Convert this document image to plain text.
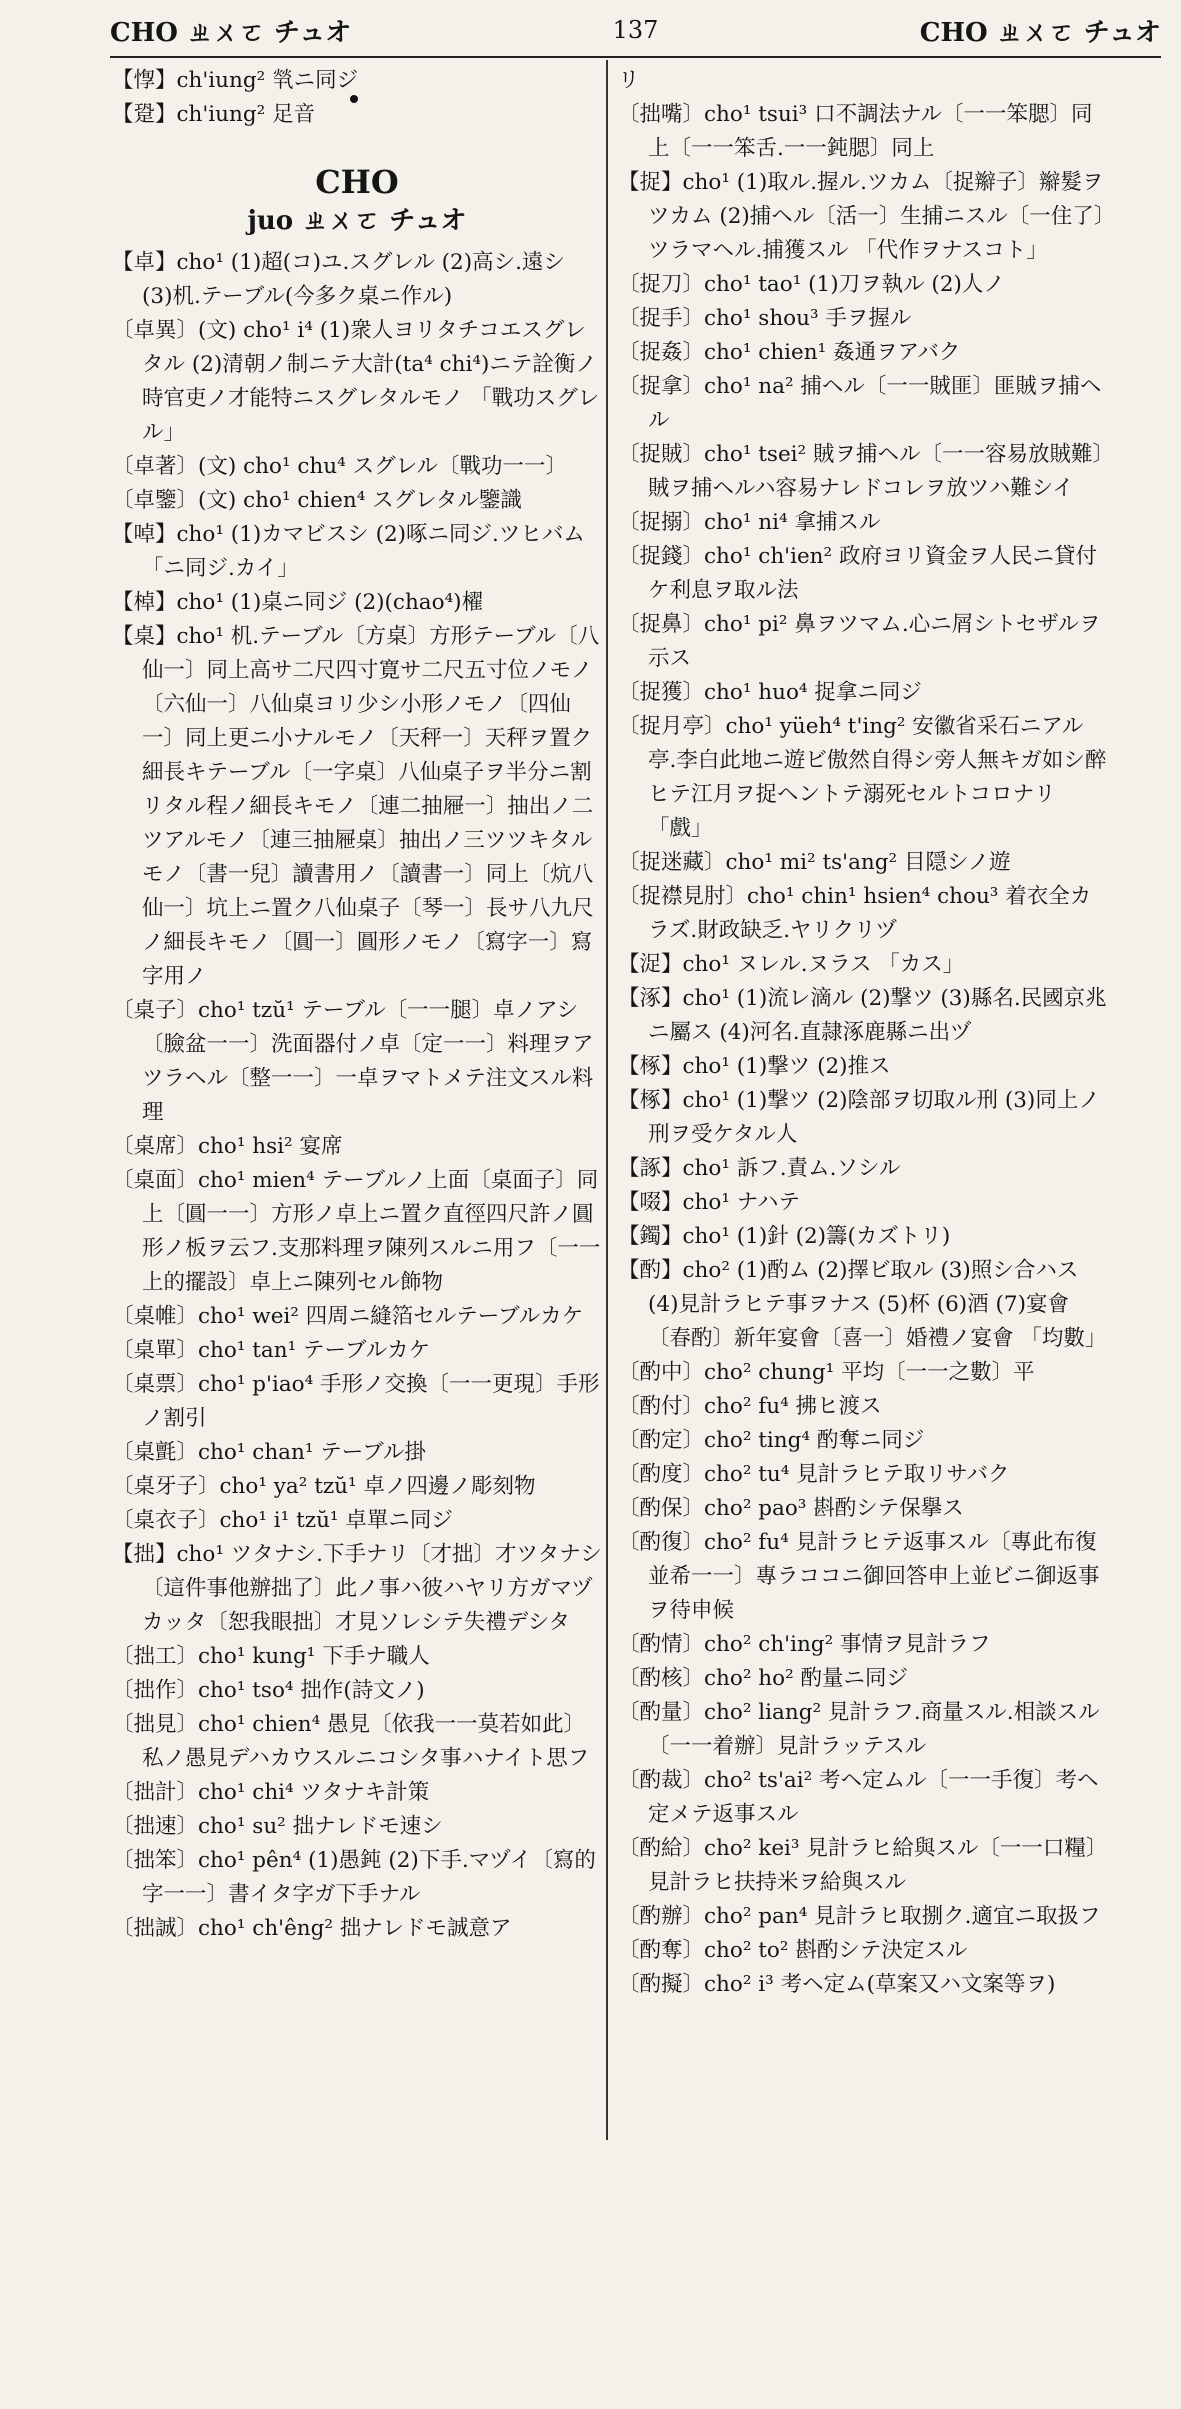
CHO ㄓㄨㄛ チュオ	137	CHO ㄓㄨㄛ チュオ

【惸】ch'iung² 㷀ニ同ジ

【跫】ch'iung² 足音

CHO
juo ㄓㄨㄛ チュオ

【卓】cho¹ (1)超(コ)ユ.スグレル (2)高シ.遠シ (3)机.テーブル(今多ク桌ニ作ル)

〔卓異〕(文) cho¹ i⁴ (1)衆人ヨリタチコエスグレタル (2)清朝ノ制ニテ大計(ta⁴ chi⁴)ニテ詮衡ノ時官吏ノ才能特ニスグレタルモノ 「戰功スグレル」

〔卓著〕(文) cho¹ chu⁴ スグレル〔戰功一一〕

〔卓鑒〕(文) cho¹ chien⁴ スグレタル鑒識

【啅】cho¹ (1)カマビスシ (2)啄ニ同ジ.ツヒバム 「ニ同ジ.カイ」

【棹】cho¹ (1)桌ニ同ジ (2)(chao⁴)櫂

【桌】cho¹ 机.テーブル〔方桌〕方形テーブル〔八仙一〕同上高サ二尺四寸寛サ二尺五寸位ノモノ〔六仙一〕八仙桌ヨリ少シ小形ノモノ〔四仙一〕同上更ニ小ナルモノ〔天秤一〕天秤ヲ置ク細長キテーブル〔一字桌〕八仙桌子ヲ半分ニ割リタル程ノ細長キモノ〔連二抽屜一〕抽出ノ二ツアルモノ〔連三抽屜桌〕抽出ノ三ツツキタルモノ〔書一兒〕讀書用ノ〔讀書一〕同上〔炕八仙一〕坑上ニ置ク八仙桌子〔琴一〕長サ八九尺ノ細長キモノ〔圓一〕圓形ノモノ〔寫字一〕寫字用ノ

〔桌子〕cho¹ tzŭ¹ テーブル〔一一腿〕卓ノアシ〔臉盆一一〕洗面器付ノ卓〔定一一〕料理ヲアツラヘル〔整一一〕一卓ヲマトメテ注文スル料理

〔桌席〕cho¹ hsi² 宴席

〔桌面〕cho¹ mien⁴ テーブルノ上面〔桌面子〕同上〔圓一一〕方形ノ卓上ニ置ク直徑四尺許ノ圓形ノ板ヲ云フ.支那料理ヲ陳列スルニ用フ〔一一上的擺設〕卓上ニ陳列セル飾物

〔桌帷〕cho¹ wei² 四周ニ縫箔セルテーブルカケ

〔桌單〕cho¹ tan¹ テーブルカケ

〔桌票〕cho¹ p'iao⁴ 手形ノ交換〔一一更現〕手形ノ割引

〔桌氈〕cho¹ chan¹ テーブル掛

〔桌牙子〕cho¹ ya² tzŭ¹ 卓ノ四邊ノ彫刻物

〔桌衣子〕cho¹ i¹ tzŭ¹ 卓單ニ同ジ

【拙】cho¹ ツタナシ.下手ナリ〔才拙〕才ツタナシ〔這件事他辦拙了〕此ノ事ハ彼ハヤリ方ガマヅカッタ〔恕我眼拙〕才見ソレシテ失禮デシタ

〔拙工〕cho¹ kung¹ 下手ナ職人

〔拙作〕cho¹ tso⁴ 拙作(詩文ノ)

〔拙見〕cho¹ chien⁴ 愚見〔依我一一莫若如此〕私ノ愚見デハカウスルニコシタ事ハナイト思フ

〔拙計〕cho¹ chi⁴ ツタナキ計策

〔拙速〕cho¹ su² 拙ナレドモ速シ

〔拙笨〕cho¹ pên⁴ (1)愚鈍 (2)下手.マヅイ〔寫的字一一〕書イタ字ガ下手ナル

〔拙誠〕cho¹ ch'êng² 拙ナレドモ誠意ア

リ

〔拙嘴〕cho¹ tsui³ 口不調法ナル〔一一笨腮〕同上〔一一笨舌.一一鈍腮〕同上

【捉】cho¹ (1)取ル.握ル.ツカム〔捉辮子〕辮髮ヲツカム (2)捕ヘル〔活一〕生捕ニスル〔一住了〕ツラマヘル.捕獲スル 「代作ヲナスコト」

〔捉刀〕cho¹ tao¹ (1)刀ヲ執ル (2)人ノ

〔捉手〕cho¹ shou³ 手ヲ握ル

〔捉姦〕cho¹ chien¹ 姦通ヲアバク

〔捉拿〕cho¹ na² 捕ヘル〔一一賊匪〕匪賊ヲ捕ヘル

〔捉賊〕cho¹ tsei² 賊ヲ捕ヘル〔一一容易放賊難〕賊ヲ捕ヘルハ容易ナレドコレヲ放ツハ難シイ

〔捉搦〕cho¹ ni⁴ 拿捕スル

〔捉錢〕cho¹ ch'ien² 政府ヨリ資金ヲ人民ニ貸付ケ利息ヲ取ル法

〔捉鼻〕cho¹ pi² 鼻ヲツマム.心ニ屑シトセザルヲ示ス

〔捉獲〕cho¹ huo⁴ 捉拿ニ同ジ

〔捉月亭〕cho¹ yüeh⁴ t'ing² 安徽省采石ニアル亭.李白此地ニ遊ビ傲然自得シ旁人無キガ如シ醉ヒテ江月ヲ捉ヘントテ溺死セルトコロナリ 「戲」

〔捉迷藏〕cho¹ mi² ts'ang² 目隠シノ遊

〔捉襟見肘〕cho¹ chin¹ hsien⁴ chou³ 着衣全カラズ.財政缺乏.ヤリクリヅ

【浞】cho¹ ヌレル.ヌラス 「カス」

【涿】cho¹ (1)流レ滴ル (2)撃ツ (3)縣名.民國京兆ニ屬ス (4)河名.直隷涿鹿縣ニ出ヅ

【椓】cho¹ (1)撃ツ (2)推ス

【椓】cho¹ (1)撃ツ (2)陰部ヲ切取ル刑 (3)同上ノ刑ヲ受ケタル人

【諑】cho¹ 訴フ.責ム.ソシル

【啜】cho¹ ナハテ

【鐲】cho¹ (1)針 (2)籌(カズトリ)

【酌】cho² (1)酌ム (2)擇ビ取ル (3)照シ合ハス (4)見計ラヒテ事ヲナス (5)杯 (6)酒 (7)宴會〔春酌〕新年宴會〔喜一〕婚禮ノ宴會 「均數」

〔酌中〕cho² chung¹ 平均〔一一之數〕平

〔酌付〕cho² fu⁴ 拂ヒ渡ス

〔酌定〕cho² ting⁴ 酌奪ニ同ジ

〔酌度〕cho² tu⁴ 見計ラヒテ取リサバク

〔酌保〕cho² pao³ 斟酌シテ保擧ス

〔酌復〕cho² fu⁴ 見計ラヒテ返事スル〔專此布復並希一一〕專ラココニ御回答申上並ビニ御返事ヲ待申候

〔酌情〕cho² ch'ing² 事情ヲ見計ラフ

〔酌核〕cho² ho² 酌量ニ同ジ

〔酌量〕cho² liang² 見計ラフ.商量スル.相談スル〔一一着辦〕見計ラッテスル

〔酌裁〕cho² ts'ai² 考ヘ定ムル〔一一手復〕考ヘ定メテ返事スル

〔酌給〕cho² kei³ 見計ラヒ給與スル〔一一口糧〕見計ラヒ扶持米ヲ給與スル

〔酌辦〕cho² pan⁴ 見計ラヒ取捌ク.適宜ニ取扱フ

〔酌奪〕cho² to² 斟酌シテ決定スル

〔酌擬〕cho² i³ 考ヘ定ム(草案又ハ文案等ヲ)
